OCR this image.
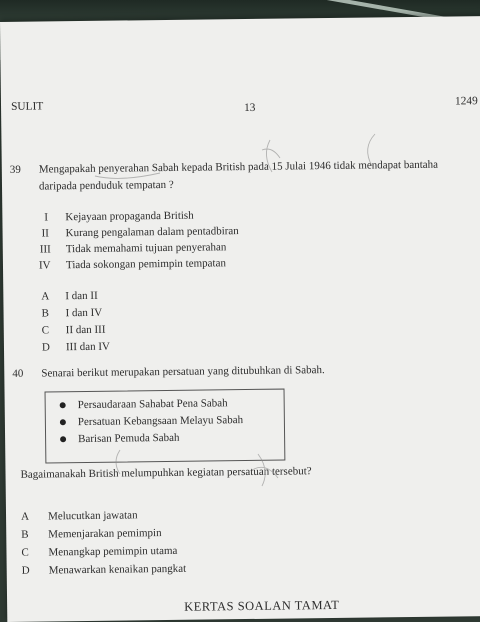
SULIT	13
1249
39 Mengapakah penyerahan Sabah kepada British pada 15 Julai 1946 tidak mendapat bantaha
daripada penduduk tempatan ?
I Kejayaan propaganda British
II Kurang pengalaman dalam pentadbiran
III Tidak memahami tujuan penyerahan
IV Tiada sokongan pemimpin tempatan
A I dan II
B I dan IV
C II dan III
D III dan IV
40 Senarai berikut merupakan persatuan yang ditubuhkan di Sabah.
Persaudaraan Sahabat Pena Sabah
Persatuan Kebangsaan Melayu Sabah
Barisan Pemuda Sabah
Bagaimanakah British melumpuhkan kegiatan persatuan tersebut?
A Melucutkan jawatan
B Memenjarakan pemimpin
C Menangkap pemimpin utama
D Menawarkan kenaikan pangkat
KERTAS SOALAN TAMAT
